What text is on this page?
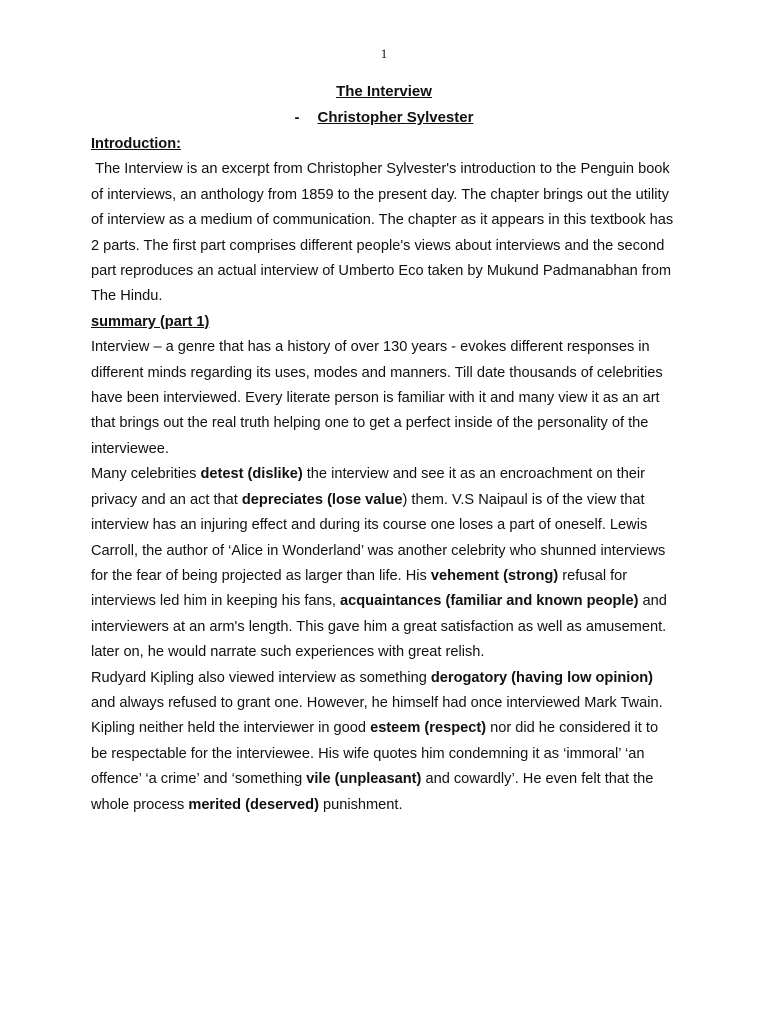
1
The Interview
- Christopher Sylvester
Introduction:

The Interview is an excerpt from Christopher Sylvester's introduction to the Penguin book of interviews, an anthology from 1859 to the present day. The chapter brings out the utility of interview as a medium of communication. The chapter as it appears in this textbook has 2 parts. The first part comprises different people's views about interviews and the second part reproduces an actual interview of Umberto Eco taken by Mukund Padmanabhan from The Hindu.

summary (part 1)

Interview – a genre that has a history of over 130 years - evokes different responses in different minds regarding its uses, modes and manners. Till date thousands of celebrities have been interviewed. Every literate person is familiar with it and many view it as an art that brings out the real truth helping one to get a perfect inside of the personality of the interviewee.

Many celebrities detest (dislike) the interview and see it as an encroachment on their privacy and an act that depreciates (lose value) them. V.S Naipaul is of the view that interview has an injuring effect and during its course one loses a part of oneself. Lewis Carroll, the author of ‘Alice in Wonderland’ was another celebrity who shunned interviews for the fear of being projected as larger than life. His vehement (strong) refusal for interviews led him in keeping his fans, acquaintances (familiar and known people) and interviewers at an arm's length. This gave him a great satisfaction as well as amusement. later on, he would narrate such experiences with great relish.

Rudyard Kipling also viewed interview as something derogatory (having low opinion) and always refused to grant one. However, he himself had once interviewed Mark Twain. Kipling neither held the interviewer in good esteem (respect) nor did he considered it to be respectable for the interviewee. His wife quotes him condemning it as ‘immoral’ ‘an offence’ ‘a crime’ and ‘something vile (unpleasant) and cowardly’. He even felt that the whole process merited (deserved) punishment.
